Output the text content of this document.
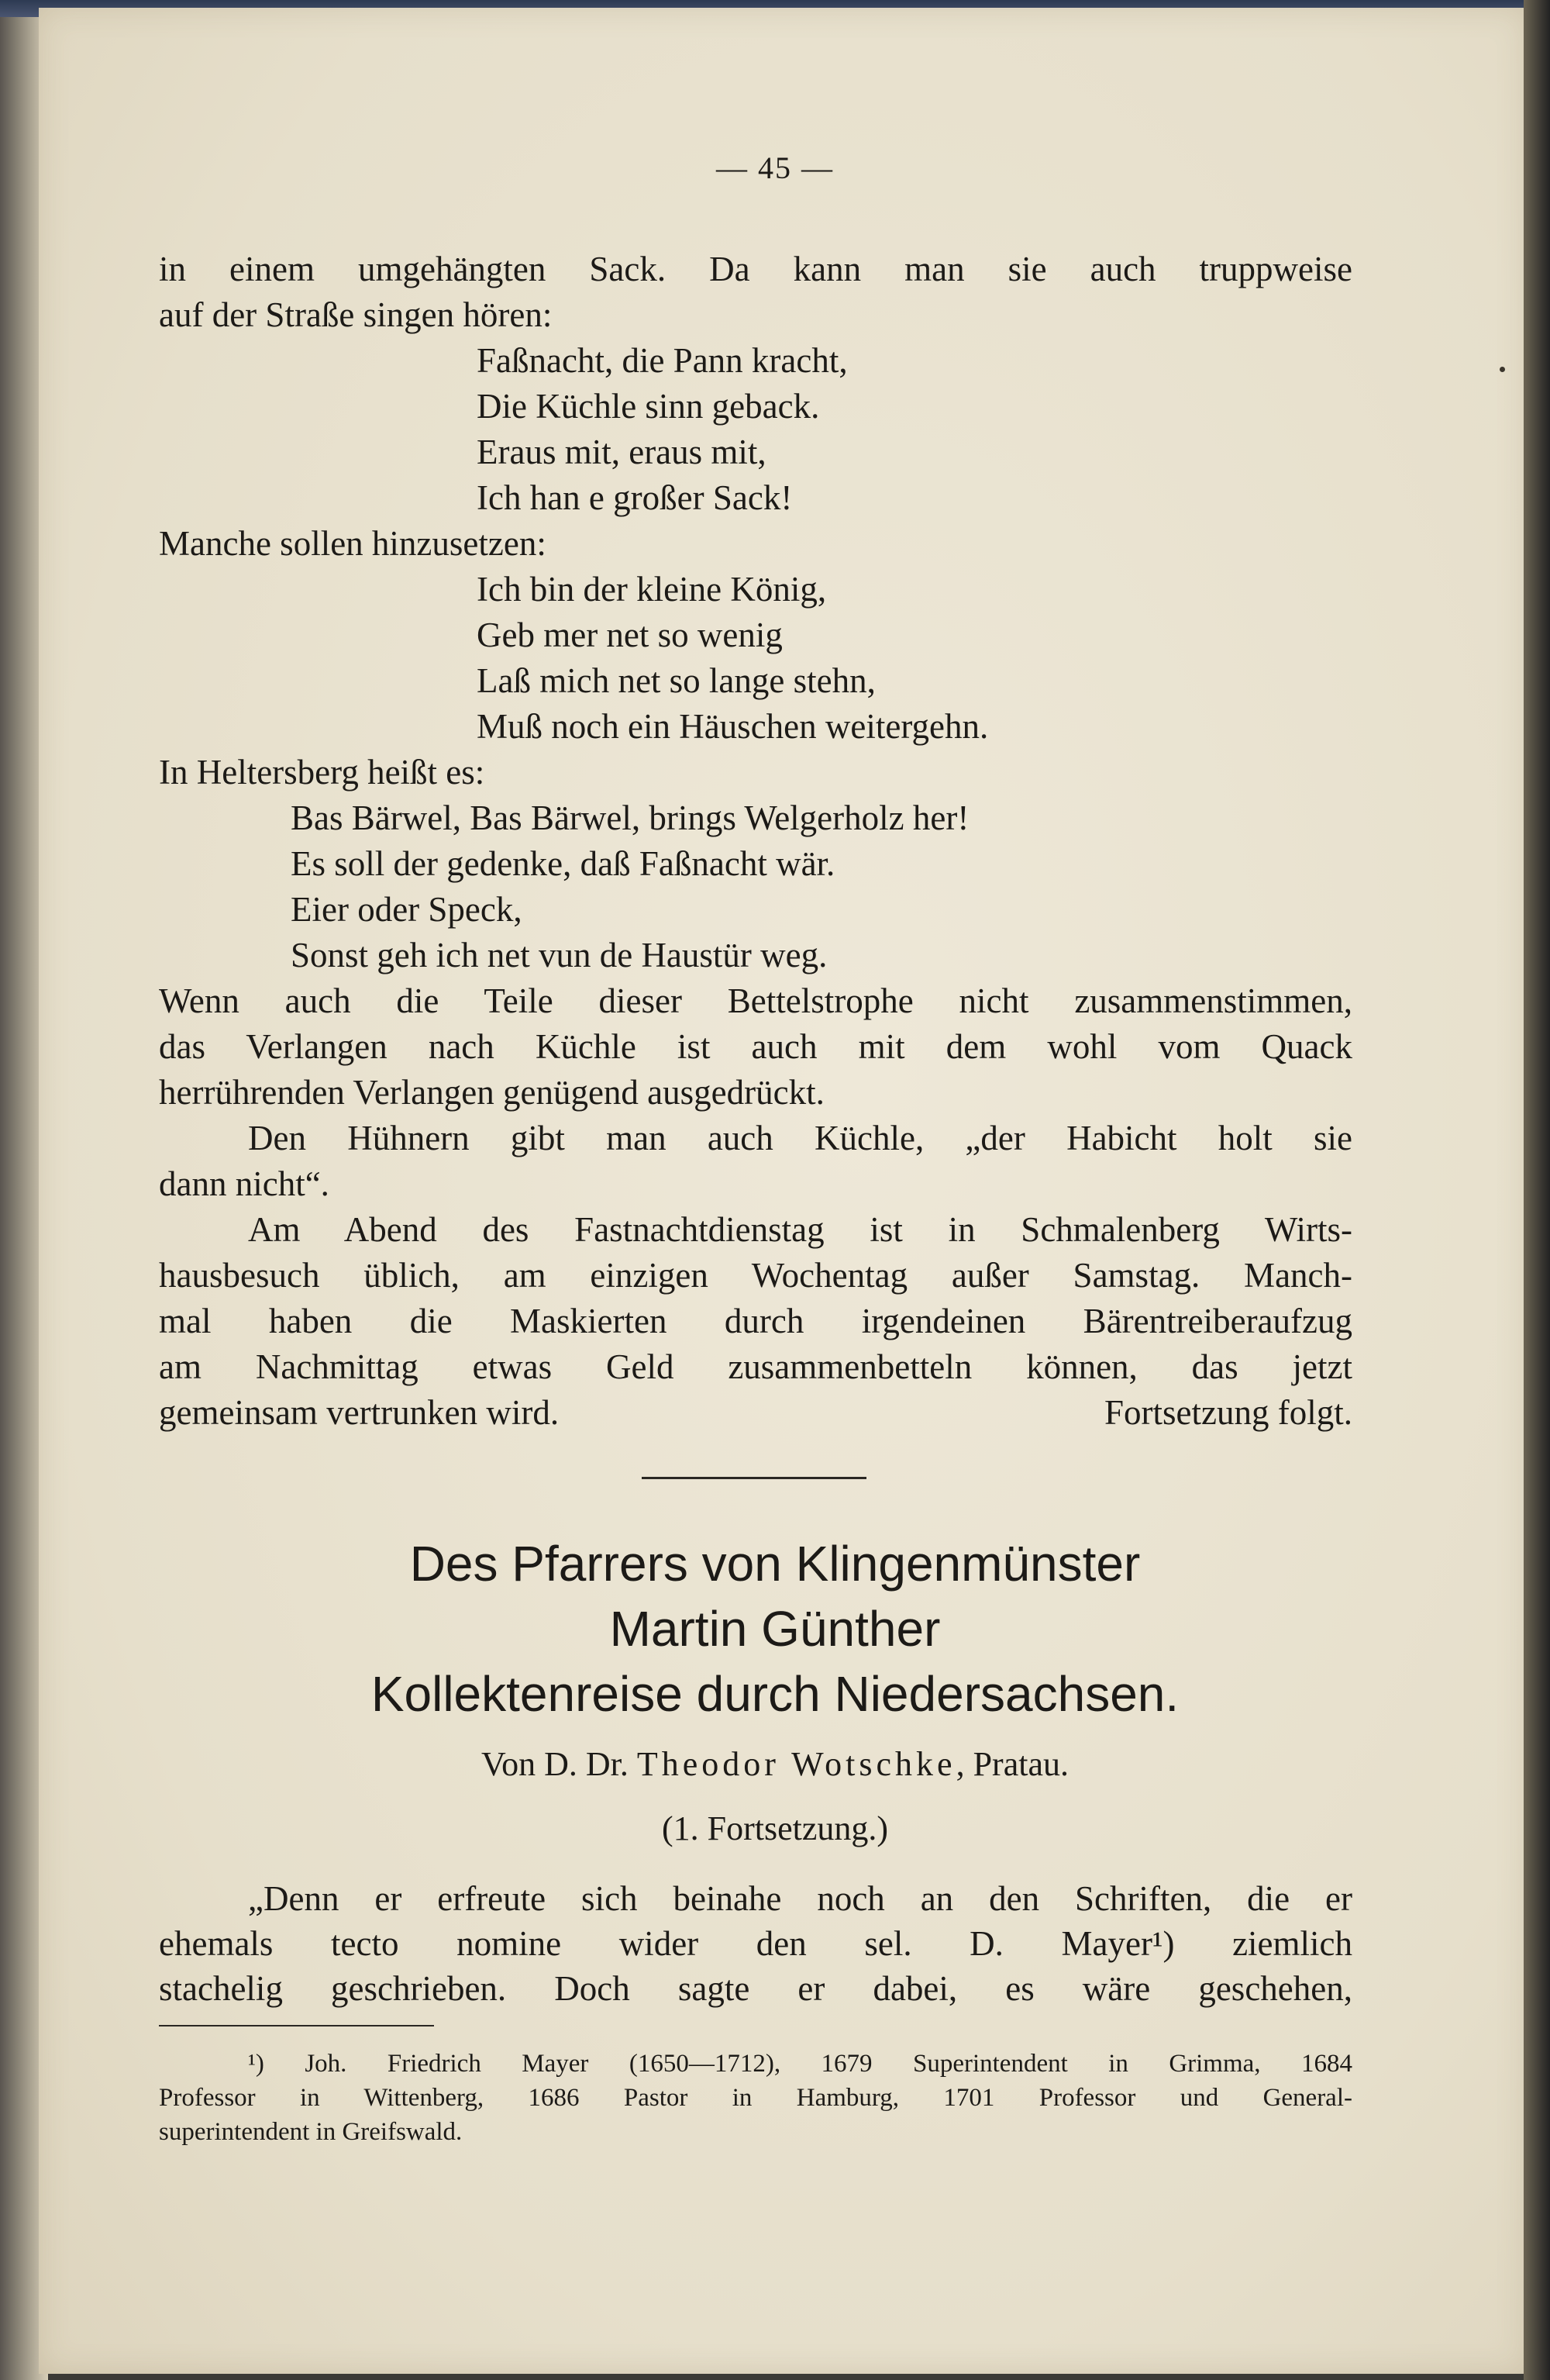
— 45 —
in einem umgehängten Sack. Da kann man sie auch truppweise
auf der Straße singen hören:
Faßnacht, die Pann kracht,
Die Küchle sinn geback.
Eraus mit, eraus mit,
Ich han e großer Sack!
Manche sollen hinzusetzen:
Ich bin der kleine König,
Geb mer net so wenig
Laß mich net so lange stehn,
Muß noch ein Häuschen weitergehn.
In Heltersberg heißt es:
Bas Bärwel, Bas Bärwel, brings Welgerholz her!
Es soll der gedenke, daß Faßnacht wär.
Eier oder Speck,
Sonst geh ich net vun de Haustür weg.
Wenn auch die Teile dieser Bettelstrophe nicht zusammenstimmen,
das Verlangen nach Küchle ist auch mit dem wohl vom Quack
herrührenden Verlangen genügend ausgedrückt.
Den Hühnern gibt man auch Küchle, „der Habicht holt sie
dann nicht“.
Am Abend des Fastnachtdienstag ist in Schmalenberg Wirts-
hausbesuch üblich, am einzigen Wochentag außer Samstag. Manch-
mal haben die Maskierten durch irgendeinen Bärentreiberaufzug
am Nachmittag etwas Geld zusammenbetteln können, das jetzt
gemeinsam vertrunken wird.	Fortsetzung folgt.
Des Pfarrers von Klingenmünster
Martin Günther
Kollektenreise durch Niedersachsen.
Von D. Dr. Theodor Wotschke, Pratau.
(1. Fortsetzung.)
„Denn er erfreute sich beinahe noch an den Schriften, die er
ehemals tecto nomine wider den sel. D. Mayer¹) ziemlich
stachelig geschrieben. Doch sagte er dabei, es wäre geschehen,
¹) Joh. Friedrich Mayer (1650—1712), 1679 Superintendent in Grimma, 1684
Professor in Wittenberg, 1686 Pastor in Hamburg, 1701 Professor und General-
superintendent in Greifswald.
